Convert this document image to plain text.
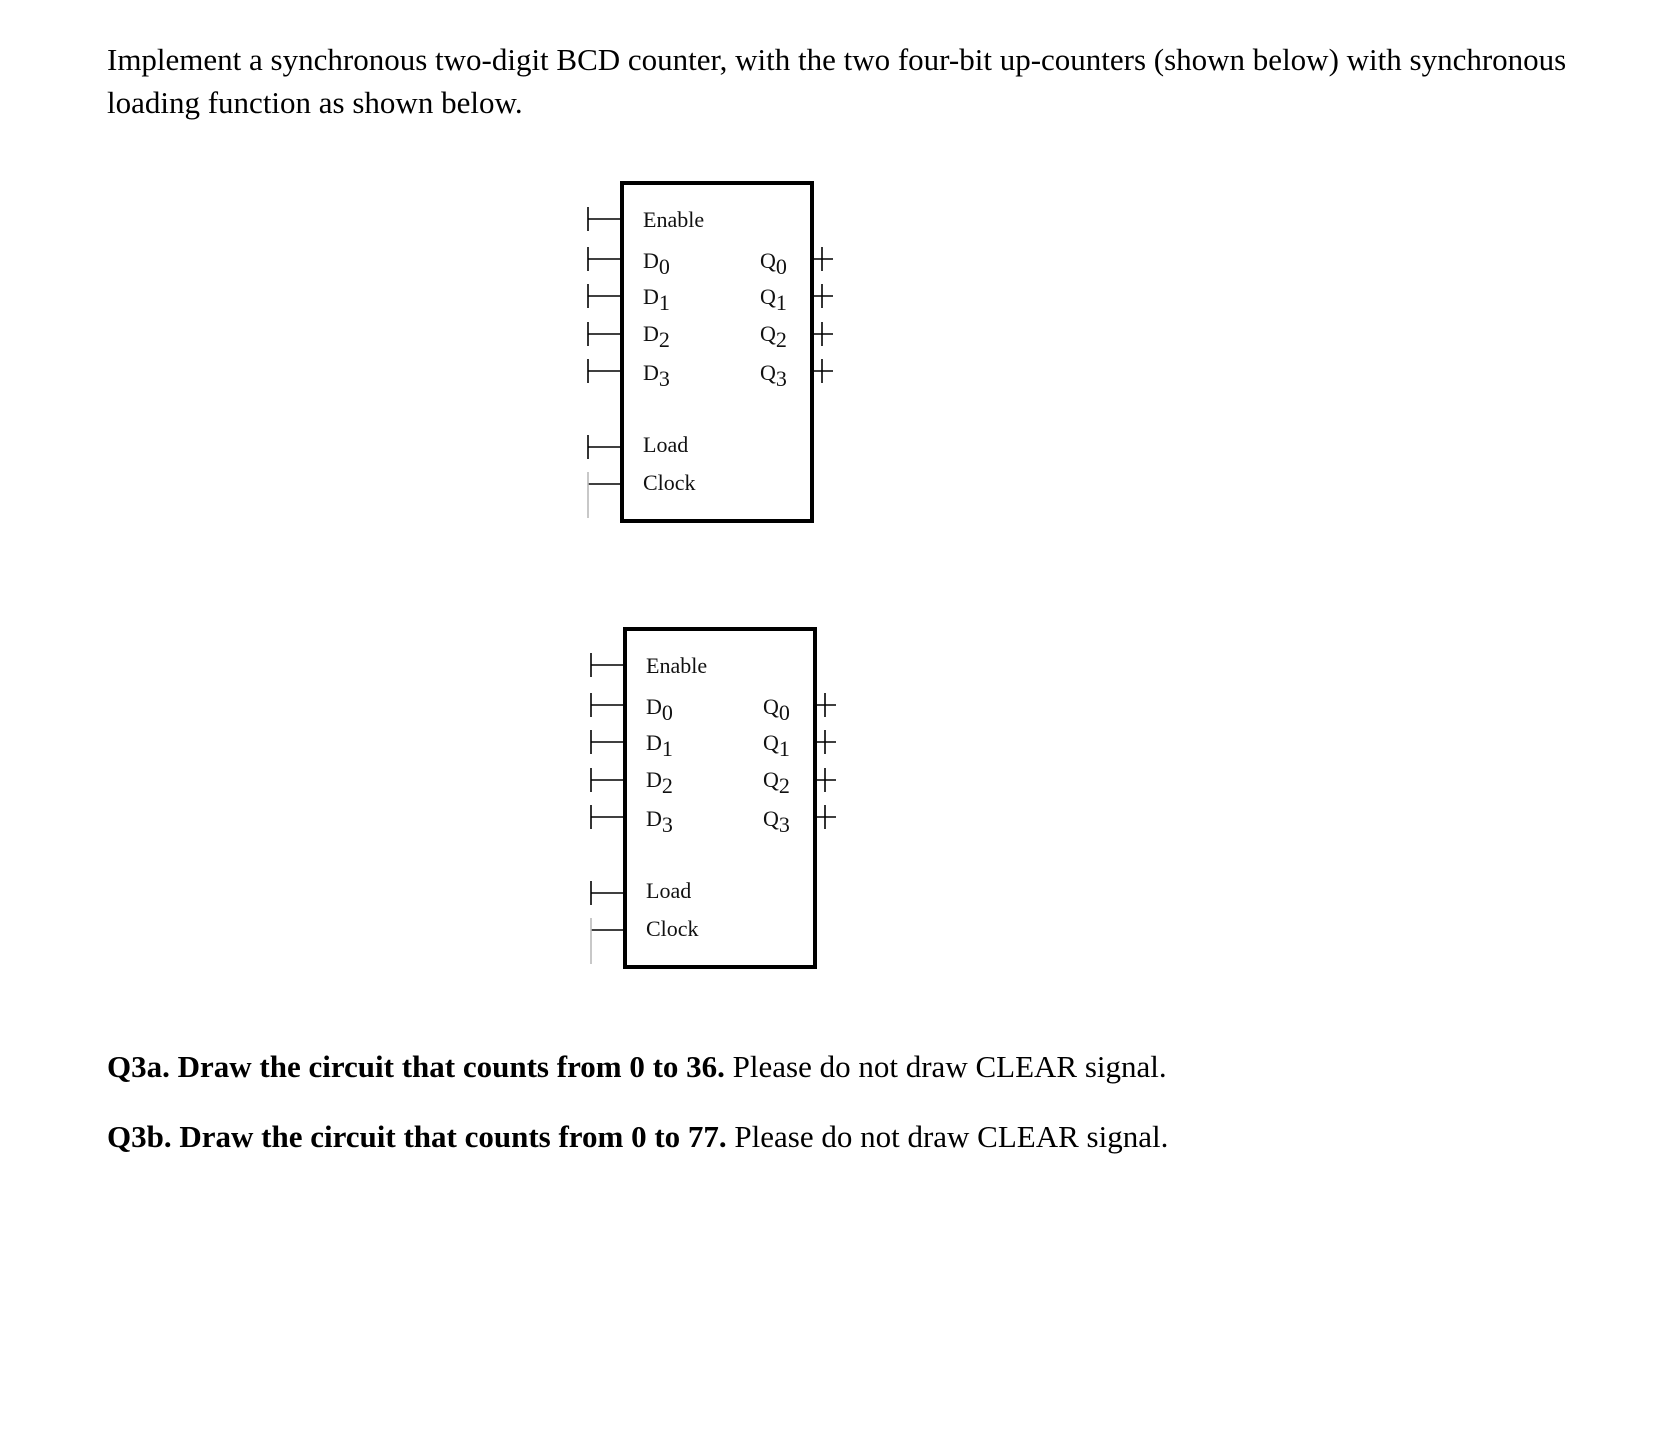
Implement a synchronous two-digit BCD counter, with the two four-bit up-counters (shown below) with synchronous loading function as shown below.

Enable
D0
D1
D2
D3
Q0
Q1
Q2
Q3
Load
Clock
Enable
D0
D1
D2
D3
Q0
Q1
Q2
Q3
Load
Clock

Q3a. Draw the circuit that counts from 0 to 36. Please do not draw CLEAR signal.

Q3b. Draw the circuit that counts from 0 to 77. Please do not draw CLEAR signal.
